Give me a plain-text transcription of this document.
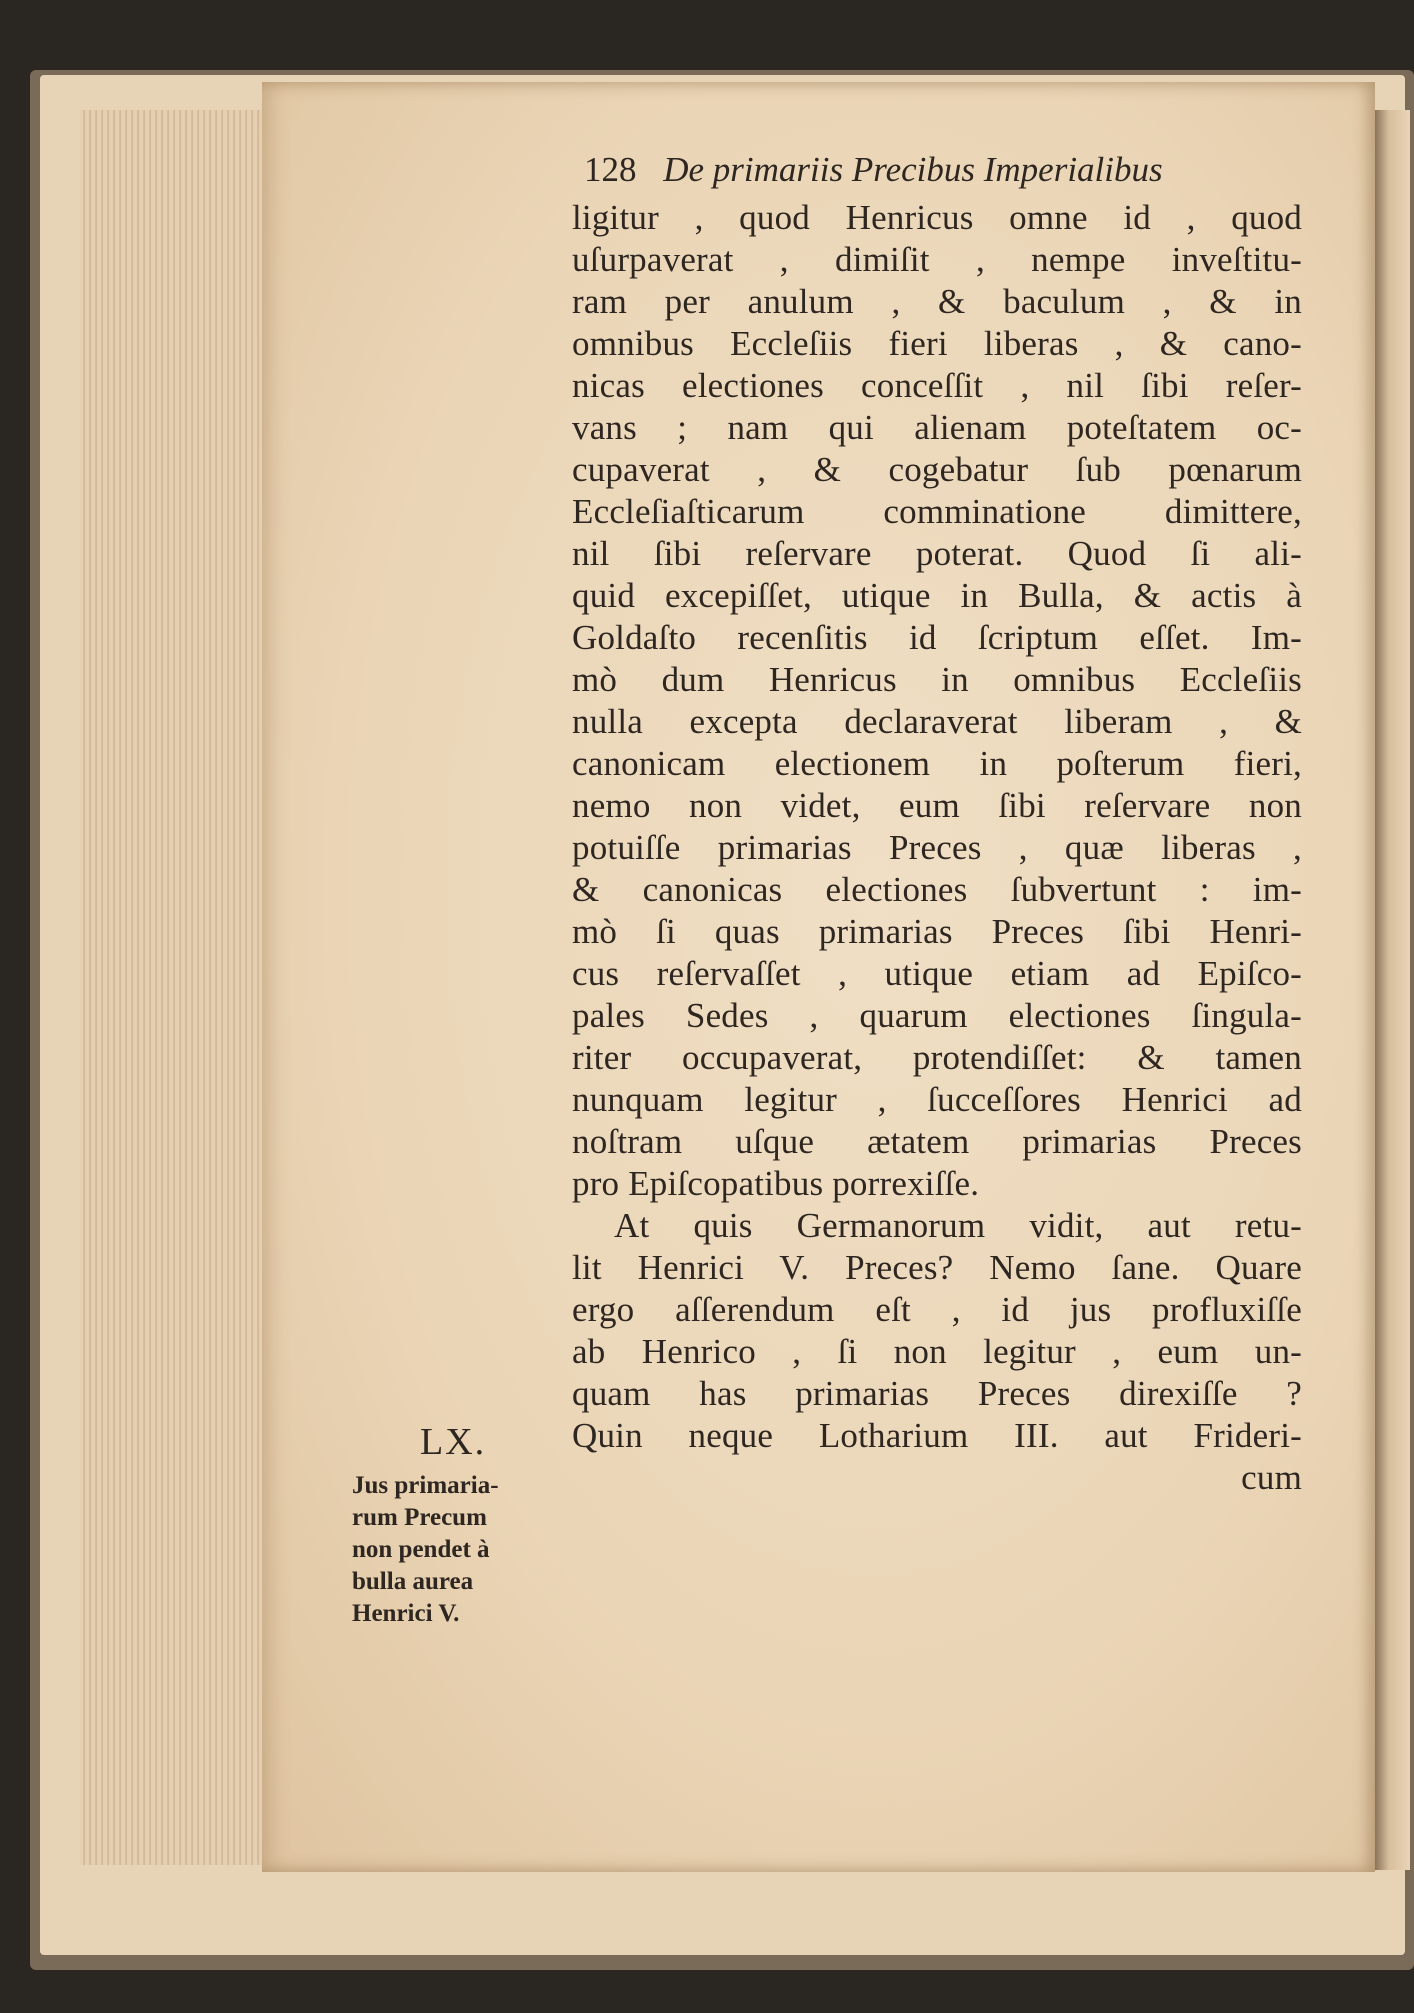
128 De primariis Precibus Imperialibus
ligitur , quod Henricus omne id , quod
uſurpaverat , dimiſit , nempe inveſtitu-
ram per anulum , & baculum , & in
omnibus Eccleſiis fieri liberas , & cano-
nicas electiones conceſſit , nil ſibi reſer-
vans ; nam qui alienam poteſtatem oc-
cupaverat , & cogebatur ſub pœnarum
Eccleſiaſticarum comminatione dimittere,
nil ſibi reſervare poterat. Quod ſi ali-
quid excepiſſet, utique in Bulla, & actis à
Goldaſto recenſitis id ſcriptum eſſet. Im-
mò dum Henricus in omnibus Eccleſiis
nulla excepta declaraverat liberam , &
canonicam electionem in poſterum fieri,
nemo non videt, eum ſibi reſervare non
potuiſſe primarias Preces , quæ liberas ,
& canonicas electiones ſubvertunt : im-
mò ſi quas primarias Preces ſibi Henri-
cus reſervaſſet , utique etiam ad Epiſco-
pales Sedes , quarum electiones ſingula-
riter occupaverat, protendiſſet: & tamen
nunquam legitur , ſucceſſores Henrici ad
noſtram uſque ætatem primarias Preces
pro Epiſcopatibus porrexiſſe.
At quis Germanorum vidit, aut retu-
lit Henrici V. Preces? Nemo ſane. Quare
ergo aſſerendum eſt , id jus profluxiſſe
ab Henrico , ſi non legitur , eum un-
quam has primarias Preces direxiſſe ?
Quin neque Lotharium III. aut Frideri-
cum
LX.
Jus primaria-
rum Precum
non pendet à
bulla aurea
Henrici V.
